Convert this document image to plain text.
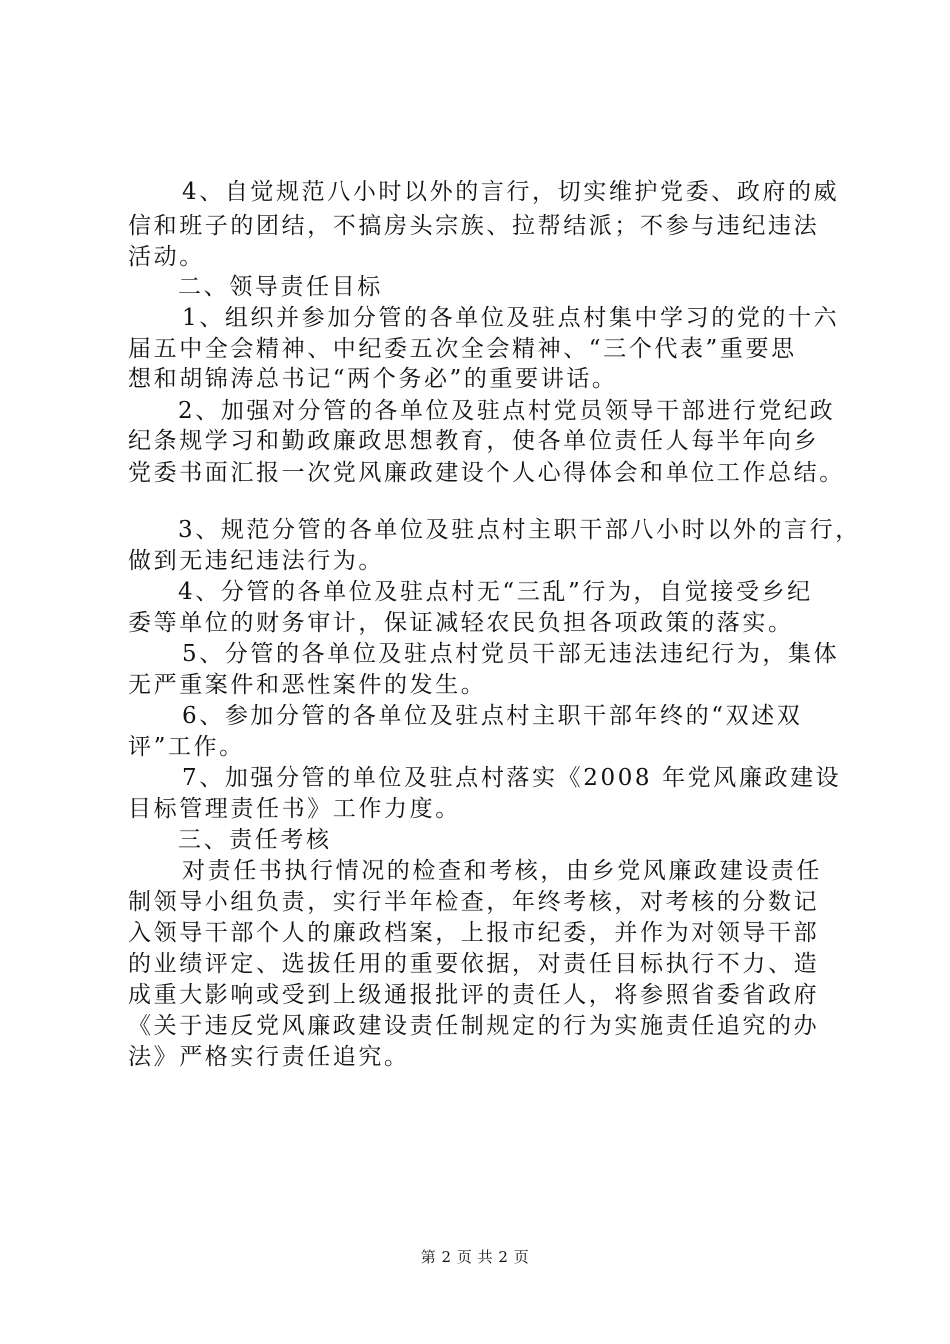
4、自觉规范八小时以外的言行，切实维护党委、政府的威
信和班子的团结，不搞房头宗族、拉帮结派；不参与违纪违法
活动。
二、领导责任目标
1、组织并参加分管的各单位及驻点村集中学习的党的十六
届五中全会精神、中纪委五次全会精神、“三个代表”重要思
想和胡锦涛总书记“两个务必”的重要讲话。
2、加强对分管的各单位及驻点村党员领导干部进行党纪政
纪条规学习和勤政廉政思想教育，使各单位责任人每半年向乡
党委书面汇报一次党风廉政建设个人心得体会和单位工作总结。
3、规范分管的各单位及驻点村主职干部八小时以外的言行，
做到无违纪违法行为。
4、分管的各单位及驻点村无“三乱”行为，自觉接受乡纪
委等单位的财务审计，保证减轻农民负担各项政策的落实。
5、分管的各单位及驻点村党员干部无违法违纪行为，集体
无严重案件和恶性案件的发生。
6、参加分管的各单位及驻点村主职干部年终的“双述双
评”工作。
7、加强分管的单位及驻点村落实《2008 年党风廉政建设
目标管理责任书》工作力度。
三、责任考核
对责任书执行情况的检查和考核，由乡党风廉政建设责任
制领导小组负责，实行半年检查，年终考核，对考核的分数记
入领导干部个人的廉政档案，上报市纪委，并作为对领导干部
的业绩评定、选拔任用的重要依据，对责任目标执行不力、造
成重大影响或受到上级通报批评的责任人，将参照省委省政府
《关于违反党风廉政建设责任制规定的行为实施责任追究的办
法》严格实行责任追究。
第 2 页 共 2 页
